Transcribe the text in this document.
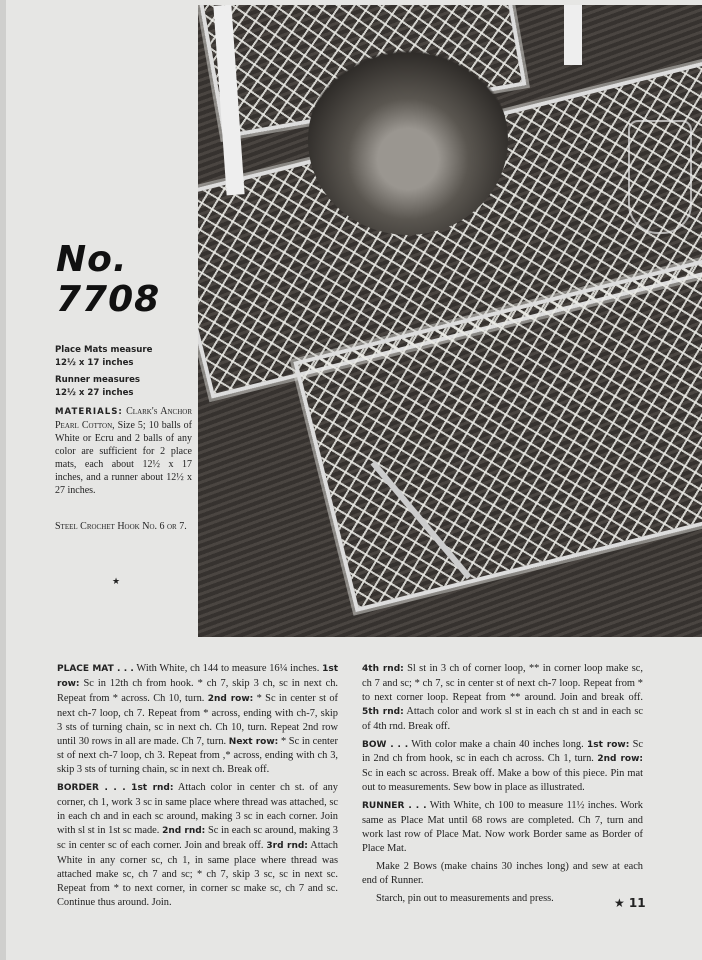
No.
7708
Place Mats measure
12½ x 17 inches
Runner measures
12½ x 27 inches
MATERIALS: Clark's Anchor Pearl Cotton, Size 5; 10 balls of White or Ecru and 2 balls of any color are sufficient for 2 place mats, each about 12½ x 17 inches, and a runner about 12½ x 27 inches.
Steel Crochet Hook No. 6 or 7.
★

PLACE MAT . . . With White, ch 144 to measure 16¼ inches. 1st row: Sc in 12th ch from hook. * ch 7, skip 3 ch, sc in next ch. Repeat from * across. Ch 10, turn. 2nd row: * Sc in center st of next ch-7 loop, ch 7. Repeat from * across, ending with ch-7, skip 3 sts of turning chain, sc in next ch. Ch 10, turn. Repeat 2nd row until 30 rows in all are made. Ch 7, turn. Next row: * Sc in center st of next ch-7 loop, ch 3. Repeat from ,* across, ending with ch 3, skip 3 sts of turning chain, sc in next ch. Break off.

BORDER . . . 1st rnd: Attach color in center ch st. of any corner, ch 1, work 3 sc in same place where thread was attached, sc in each ch and in each sc around, making 3 sc in each corner. Join with sl st in 1st sc made. 2nd rnd: Sc in each sc around, making 3 sc in center sc of each corner. Join and break off. 3rd rnd: Attach White in any corner sc, ch 1, in same place where thread was attached make sc, ch 7 and sc; * ch 7, skip 3 sc, sc in next sc. Repeat from * to next corner, in corner sc make sc, ch 7 and sc. Continue thus around. Join.

4th rnd: Sl st in 3 ch of corner loop, ** in corner loop make sc, ch 7 and sc; * ch 7, sc in center st of next ch-7 loop. Repeat from * to next corner loop. Repeat from ** around. Join and break off. 5th rnd: Attach color and work sl st in each ch st and in each sc of 4th rnd. Break off.

BOW . . . With color make a chain 40 inches long. 1st row: Sc in 2nd ch from hook, sc in each ch across. Ch 1, turn. 2nd row: Sc in each sc across. Break off. Make a bow of this piece. Pin mat out to measurements. Sew bow in place as illustrated.

RUNNER . . . With White, ch 100 to measure 11½ inches. Work same as Place Mat until 68 rows are completed. Ch 7, turn and work last row of Place Mat. Now work Border same as Border of Place Mat.

Make 2 Bows (make chains 30 inches long) and sew at each end of Runner.

Starch, pin out to measurements and press.	★ 11
